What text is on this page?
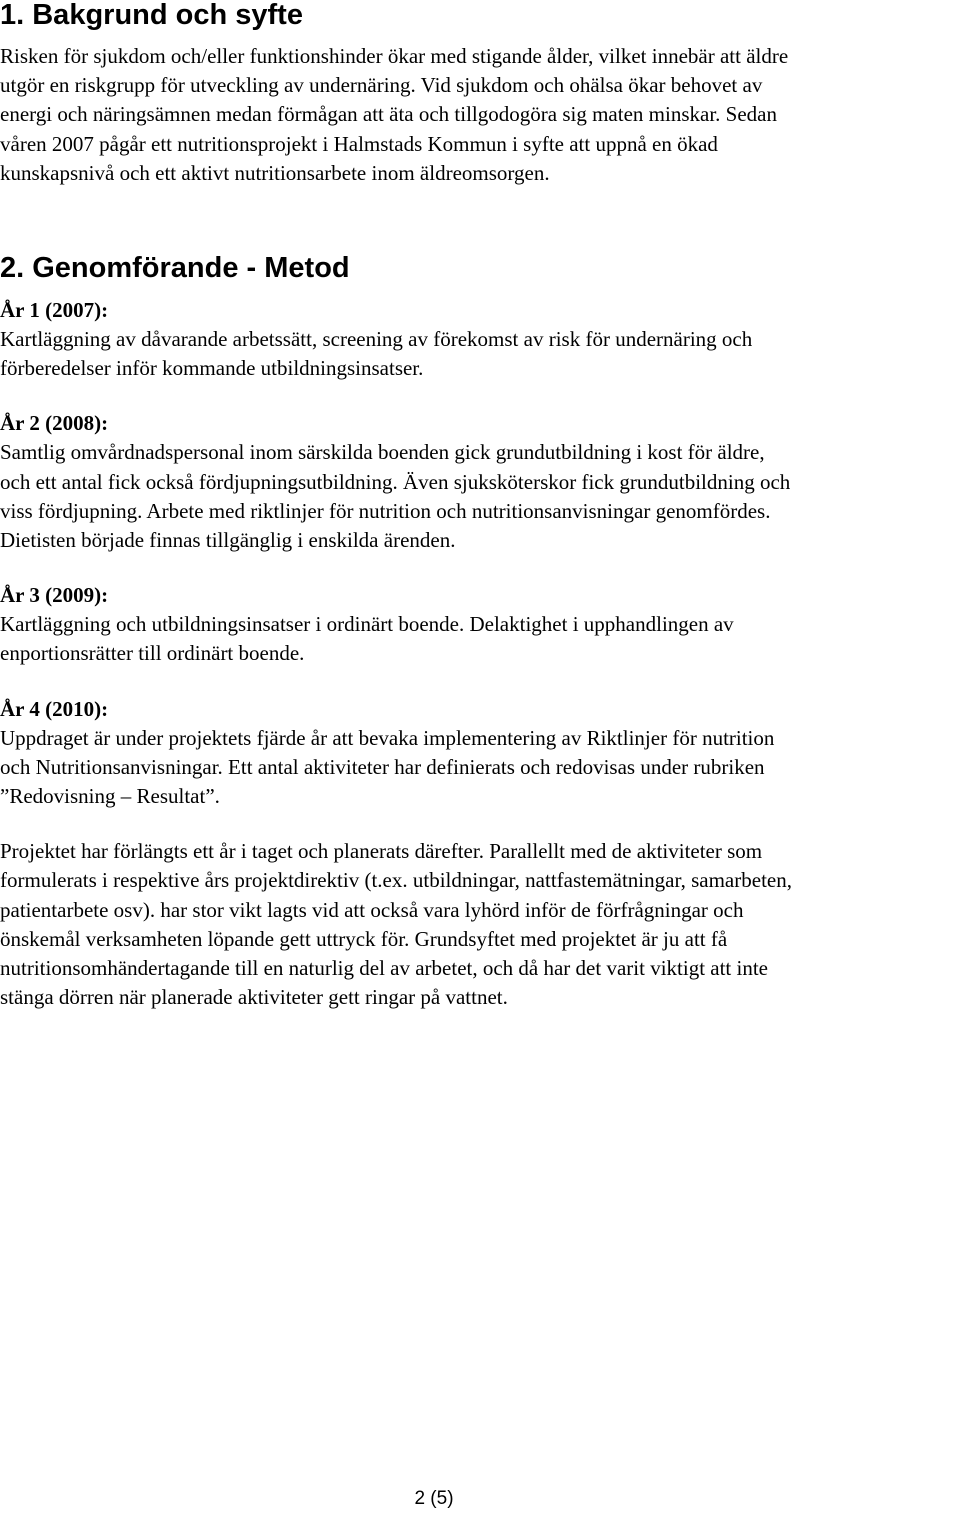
1. Bakgrund och syfte

Risken för sjukdom och/eller funktionshinder ökar med stigande ålder, vilket innebär att äldre
utgör en riskgrupp för utveckling av undernäring. Vid sjukdom och ohälsa ökar behovet av
energi och näringsämnen medan förmågan att äta och tillgodogöra sig maten minskar. Sedan
våren 2007 pågår ett nutritionsprojekt i Halmstads Kommun i syfte att uppnå en ökad
kunskapsnivå och ett aktivt nutritionsarbete inom äldreomsorgen.

2. Genomförande - Metod

År 1 (2007):

Kartläggning av dåvarande arbetssätt, screening av förekomst av risk för undernäring och
förberedelser inför kommande utbildningsinsatser.

År 2 (2008):

Samtlig omvårdnadspersonal inom särskilda boenden gick grundutbildning i kost för äldre,
och ett antal fick också fördjupningsutbildning. Även sjuksköterskor fick grundutbildning och
viss fördjupning. Arbete med riktlinjer för nutrition och nutritionsanvisningar genomfördes.
Dietisten började finnas tillgänglig i enskilda ärenden.

År 3 (2009):

Kartläggning och utbildningsinsatser i ordinärt boende. Delaktighet i upphandlingen av
enportionsrätter till ordinärt boende.

År 4 (2010):

Uppdraget är under projektets fjärde år att bevaka implementering av Riktlinjer för nutrition
och Nutritionsanvisningar. Ett antal aktiviteter har definierats och redovisas under rubriken
”Redovisning – Resultat”.

Projektet har förlängts ett år i taget och planerats därefter. Parallellt med de aktiviteter som
formulerats i respektive års projektdirektiv (t.ex. utbildningar, nattfastemätningar, samarbeten,
patientarbete osv). har stor vikt lagts vid att också vara lyhörd inför de förfrågningar och
önskemål verksamheten löpande gett uttryck för. Grundsyftet med projektet är ju att få
nutritionsomhändertagande till en naturlig del av arbetet, och då har det varit viktigt att inte
stänga dörren när planerade aktiviteter gett ringar på vattnet.

2 (5)
